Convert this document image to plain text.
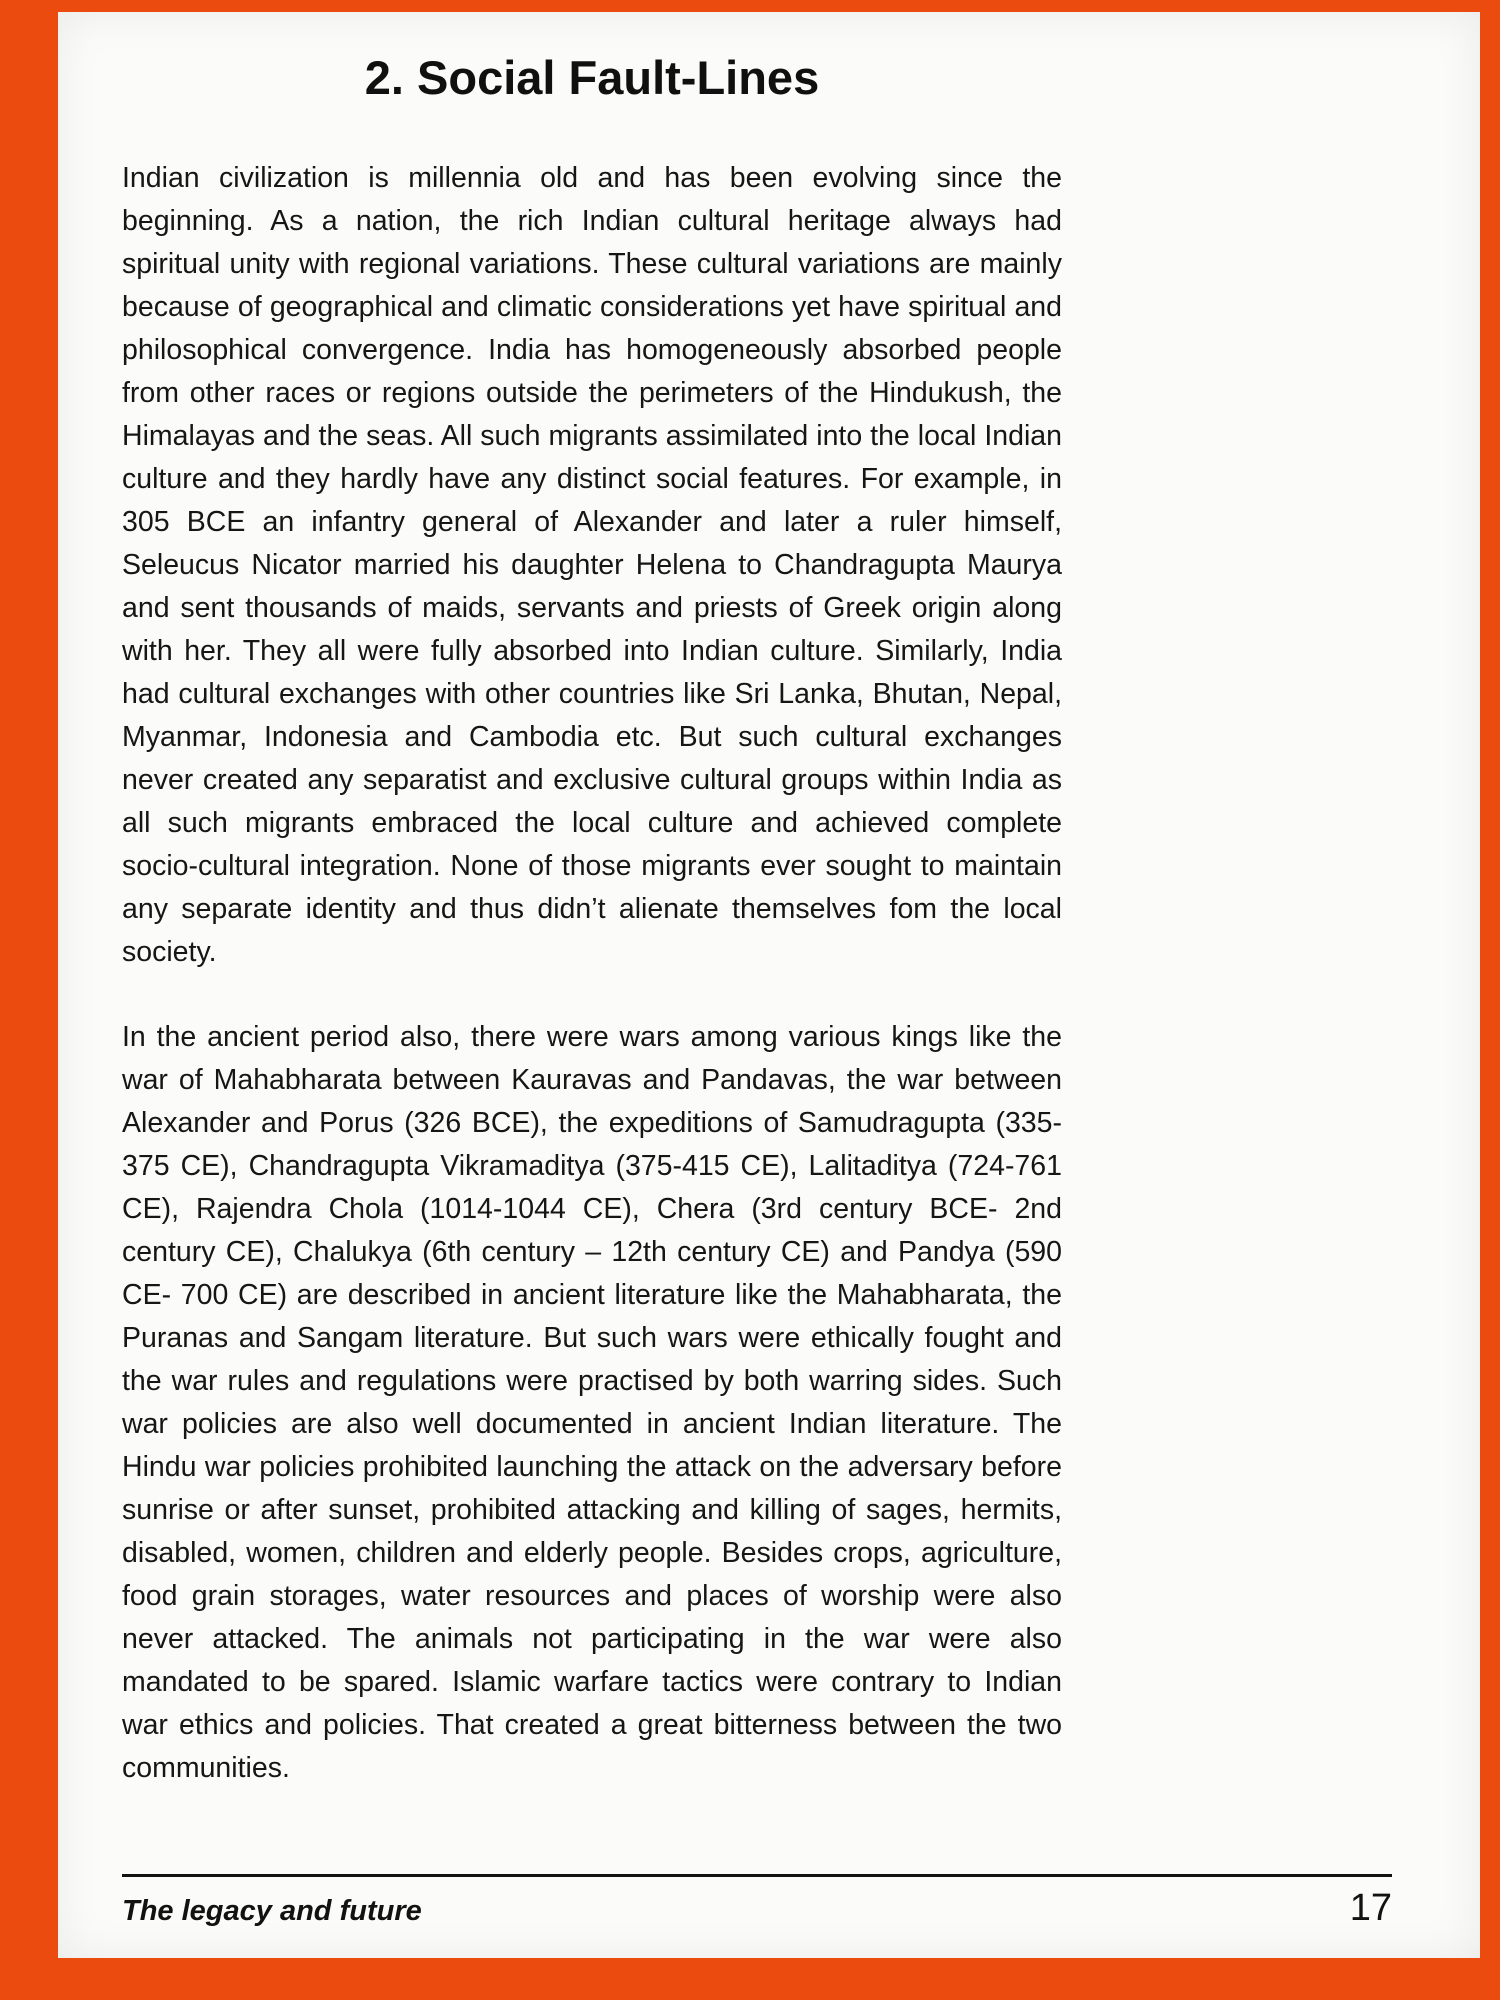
2. Social Fault-Lines

Indian civilization is millennia old and has been evolving since the beginning. As a nation, the rich Indian cultural heritage always had spiritual unity with regional variations. These cultural variations are mainly because of geographical and climatic considerations yet have spiritual and philosophical convergence. India has homogeneously absorbed people from other races or regions outside the perimeters of the Hindukush, the Himalayas and the seas. All such migrants assimilated into the local Indian culture and they hardly have any distinct social features. For example, in 305 BCE an infantry general of Alexander and later a ruler himself, Seleucus Nicator married his daughter Helena to Chandragupta Maurya and sent thousands of maids, servants and priests of Greek origin along with her. They all were fully absorbed into Indian culture. Similarly, India had cultural exchanges with other countries like Sri Lanka, Bhutan, Nepal, Myanmar, Indonesia and Cambodia etc. But such cultural exchanges never created any separatist and exclusive cultural groups within India as all such migrants embraced the local culture and achieved complete socio-cultural integration. None of those migrants ever sought to maintain any separate identity and thus didn’t alienate themselves fom the local society.

In the ancient period also, there were wars among various kings like the war of Mahabharata between Kauravas and Pandavas, the war between Alexander and Porus (326 BCE), the expeditions of Samudragupta (335-375 CE), Chandragupta Vikramaditya (375-415 CE), Lalitaditya (724-761 CE), Rajendra Chola (1014-1044 CE), Chera (3rd century BCE- 2nd century CE), Chalukya (6th century – 12th century CE) and Pandya (590 CE- 700 CE) are described in ancient literature like the Mahabharata, the Puranas and Sangam literature. But such wars were ethically fought and the war rules and regulations were practised by both warring sides. Such war policies are also well documented in ancient Indian literature. The Hindu war policies prohibited launching the attack on the adversary before sunrise or after sunset, prohibited attacking and killing of sages, hermits, disabled, women, children and elderly people. Besides crops, agriculture, food grain storages, water resources and places of worship were also never attacked. The animals not participating in the war were also mandated to be spared. Islamic warfare tactics were contrary to Indian war ethics and policies. That created a great bitterness between the two communities.

The legacy and future	17
